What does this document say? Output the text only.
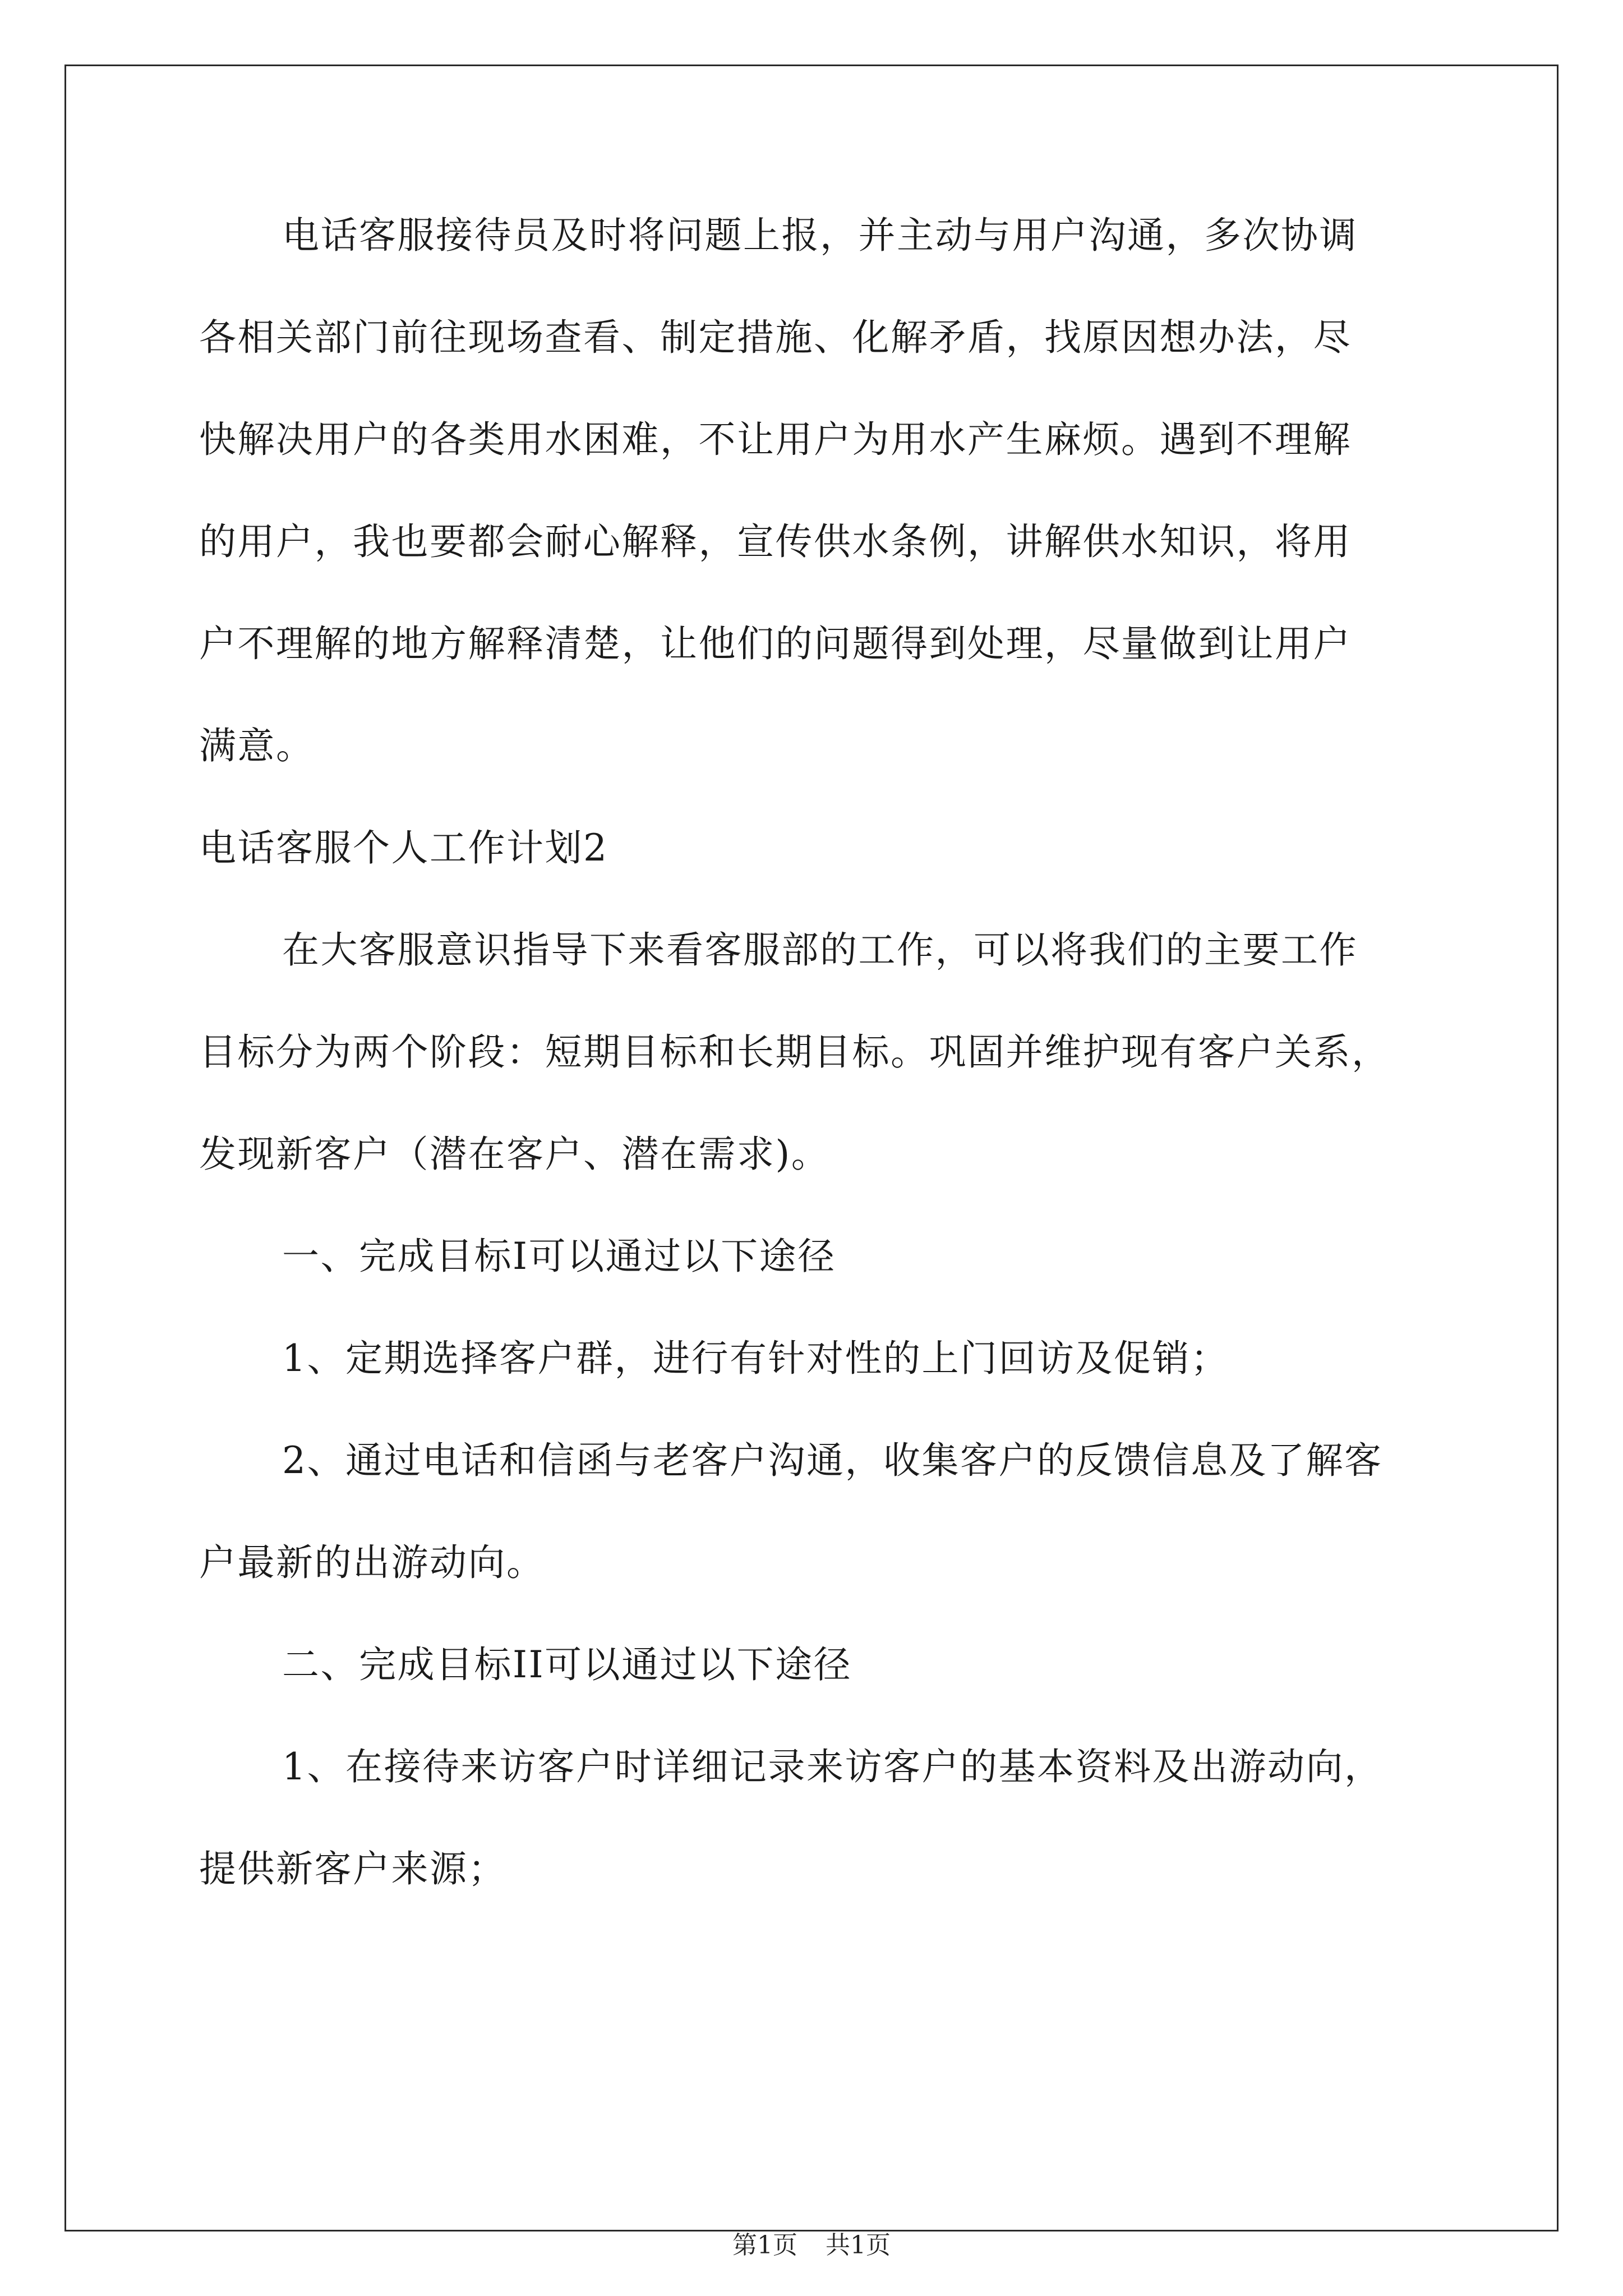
电话客服接待员及时将问题上报，并主动与用户沟通，多次协调
各相关部门前往现场查看、制定措施、化解矛盾，找原因想办法，尽
快解决用户的各类用水困难，不让用户为用水产生麻烦。遇到不理解
的用户，我也要都会耐心解释，宣传供水条例，讲解供水知识，将用
户不理解的地方解释清楚，让他们的问题得到处理，尽量做到让用户
满意。
电话客服个人工作计划2
在大客服意识指导下来看客服部的工作，可以将我们的主要工作
目标分为两个阶段：短期目标和长期目标。巩固并维护现有客户关系，
发现新客户（潜在客户、潜在需求)。
一、完成目标I可以通过以下途径
1、定期选择客户群，进行有针对性的上门回访及促销；
2、通过电话和信函与老客户沟通，收集客户的反馈信息及了解客
户最新的出游动向。
二、完成目标II可以通过以下途径
1、在接待来访客户时详细记录来访客户的基本资料及出游动向，
提供新客户来源；
第1页 共1页
